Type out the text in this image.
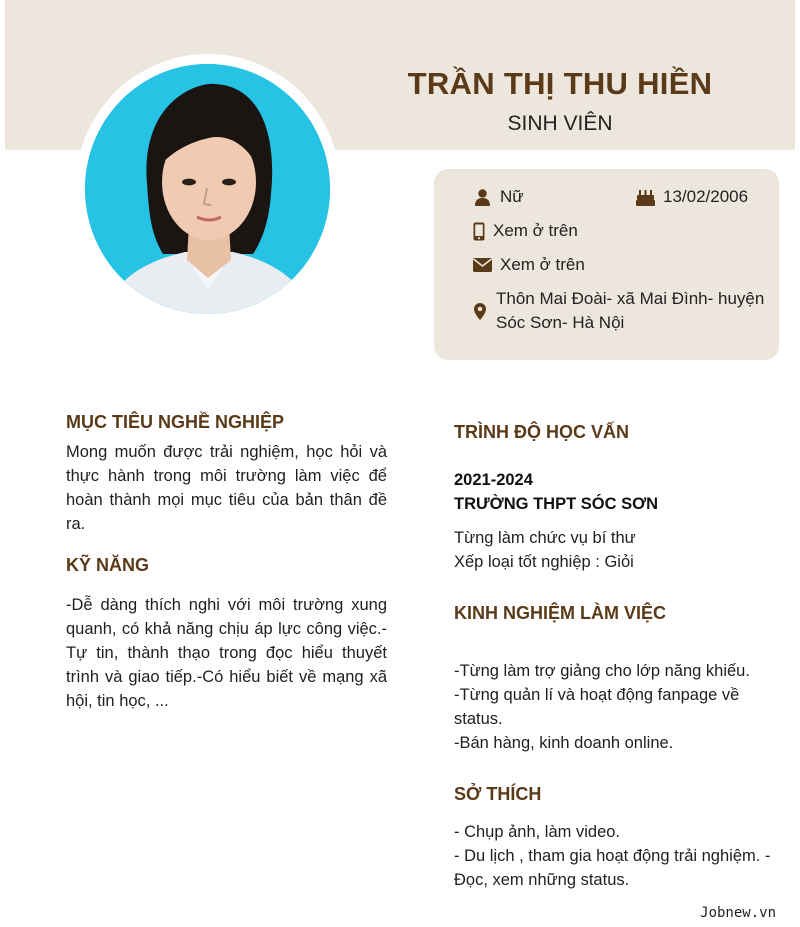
TRẦN THỊ THU HIỀN
SINH VIÊN
Nữ	13/02/2006
Xem ở trên
Xem ở trên
Thôn Mai Đoài- xã Mai Đình- huyện
Sóc Sơn- Hà Nội
MỤC TIÊU NGHỀ NGHIỆP

Mong muốn được trải nghiệm, học hỏi và thực hành trong môi trường làm việc để hoàn thành mọi mục tiêu của bản thân đề ra.

KỸ NĂNG

-Dễ dàng thích nghi với môi trường xung quanh, có khả năng chịu áp lực công việc.-Tự tin, thành thạo trong đọc hiểu thuyết trình và giao tiếp.-Có hiểu biết về mạng xã hội, tin học, ...

TRÌNH ĐỘ HỌC VẤN
2021-2024
TRƯỜNG THPT SÓC SƠN
Từng làm chức vụ bí thư
Xếp loại tốt nghiệp : Giỏi
KINH NGHIỆM LÀM VIỆC
-Từng làm trợ giảng cho lớp năng khiếu.
-Từng quản lí và hoạt động fanpage về
status.
-Bán hàng, kinh doanh online.
SỞ THÍCH
- Chụp ảnh, làm video.
- Du lịch , tham gia hoạt động trải nghiệm. -
Đọc, xem những status.
Jobnew.vn
